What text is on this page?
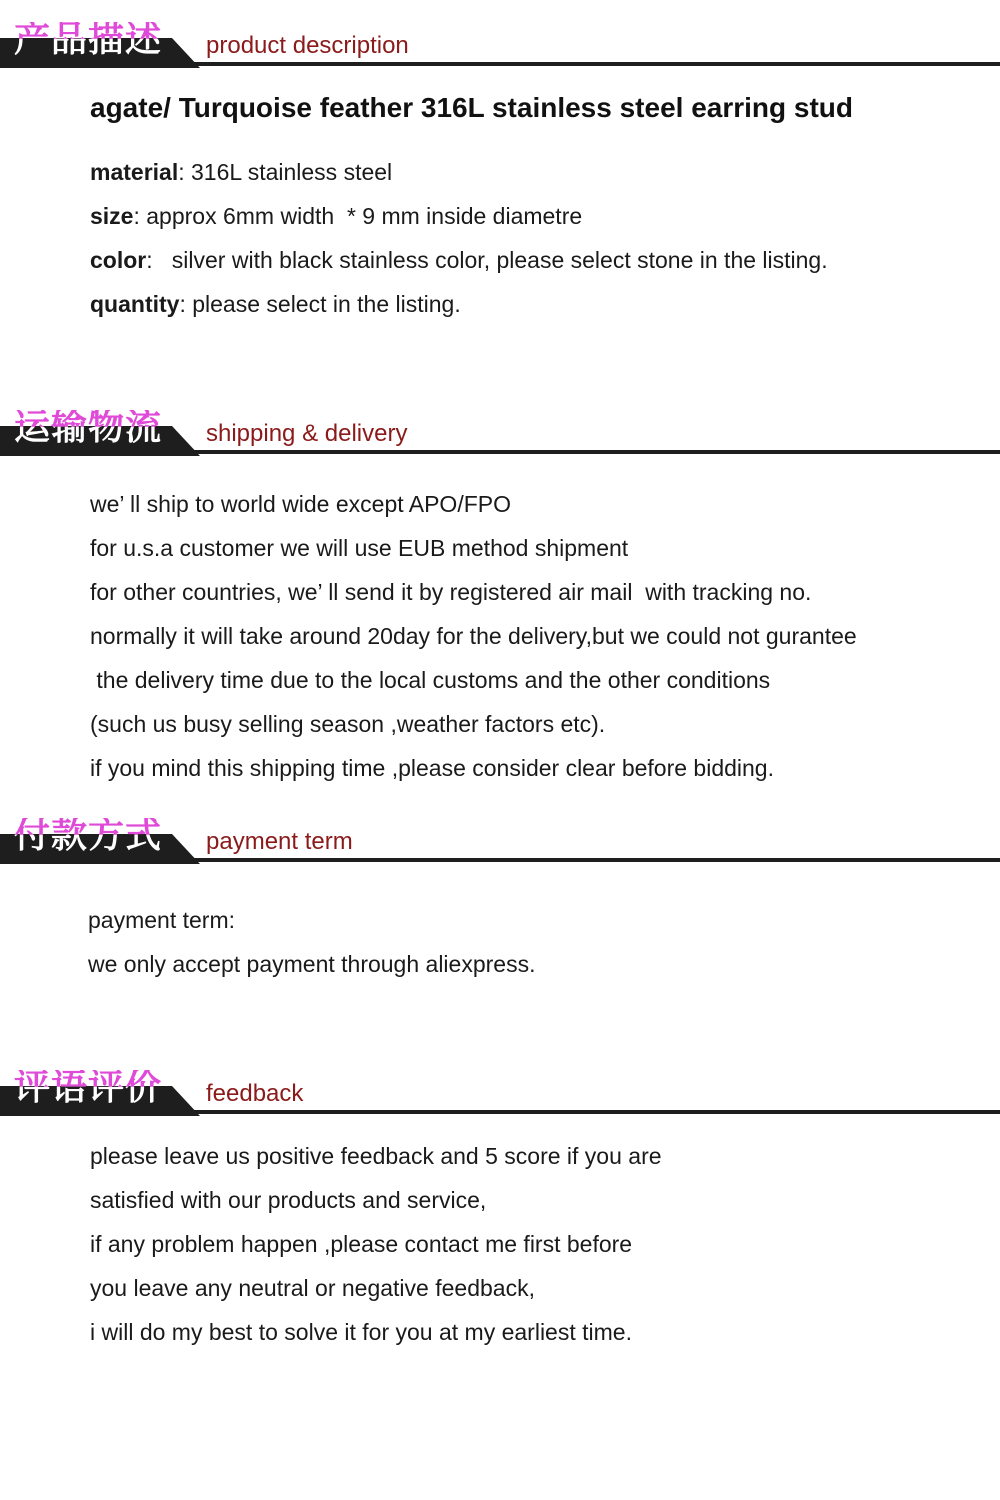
产品描述 product description
agate/ Turquoise feather 316L stainless steel earring stud
material: 316L stainless steel
size: approx 6mm width  * 9 mm inside diametre
color:   silver with black stainless color, please select stone in the listing.
quantity: please select in the listing.
运输物流 shipping & delivery
we’ ll ship to world wide except APO/FPO
for u.s.a customer we will use EUB method shipment
for other countries, we’ ll send it by registered air mail  with tracking no.
normally it will take around 20day for the delivery,but we could not gurantee
the delivery time due to the local customs and the other conditions
(such us busy selling season ,weather factors etc).
if you mind this shipping time ,please consider clear before bidding.
付款方式 payment term
payment term:
we only accept payment through aliexpress.
评语评价 feedback
please leave us positive feedback and 5 score if you are
satisfied with our products and service,
if any problem happen ,please contact me first before
you leave any neutral or negative feedback,
i will do my best to solve it for you at my earliest time.
